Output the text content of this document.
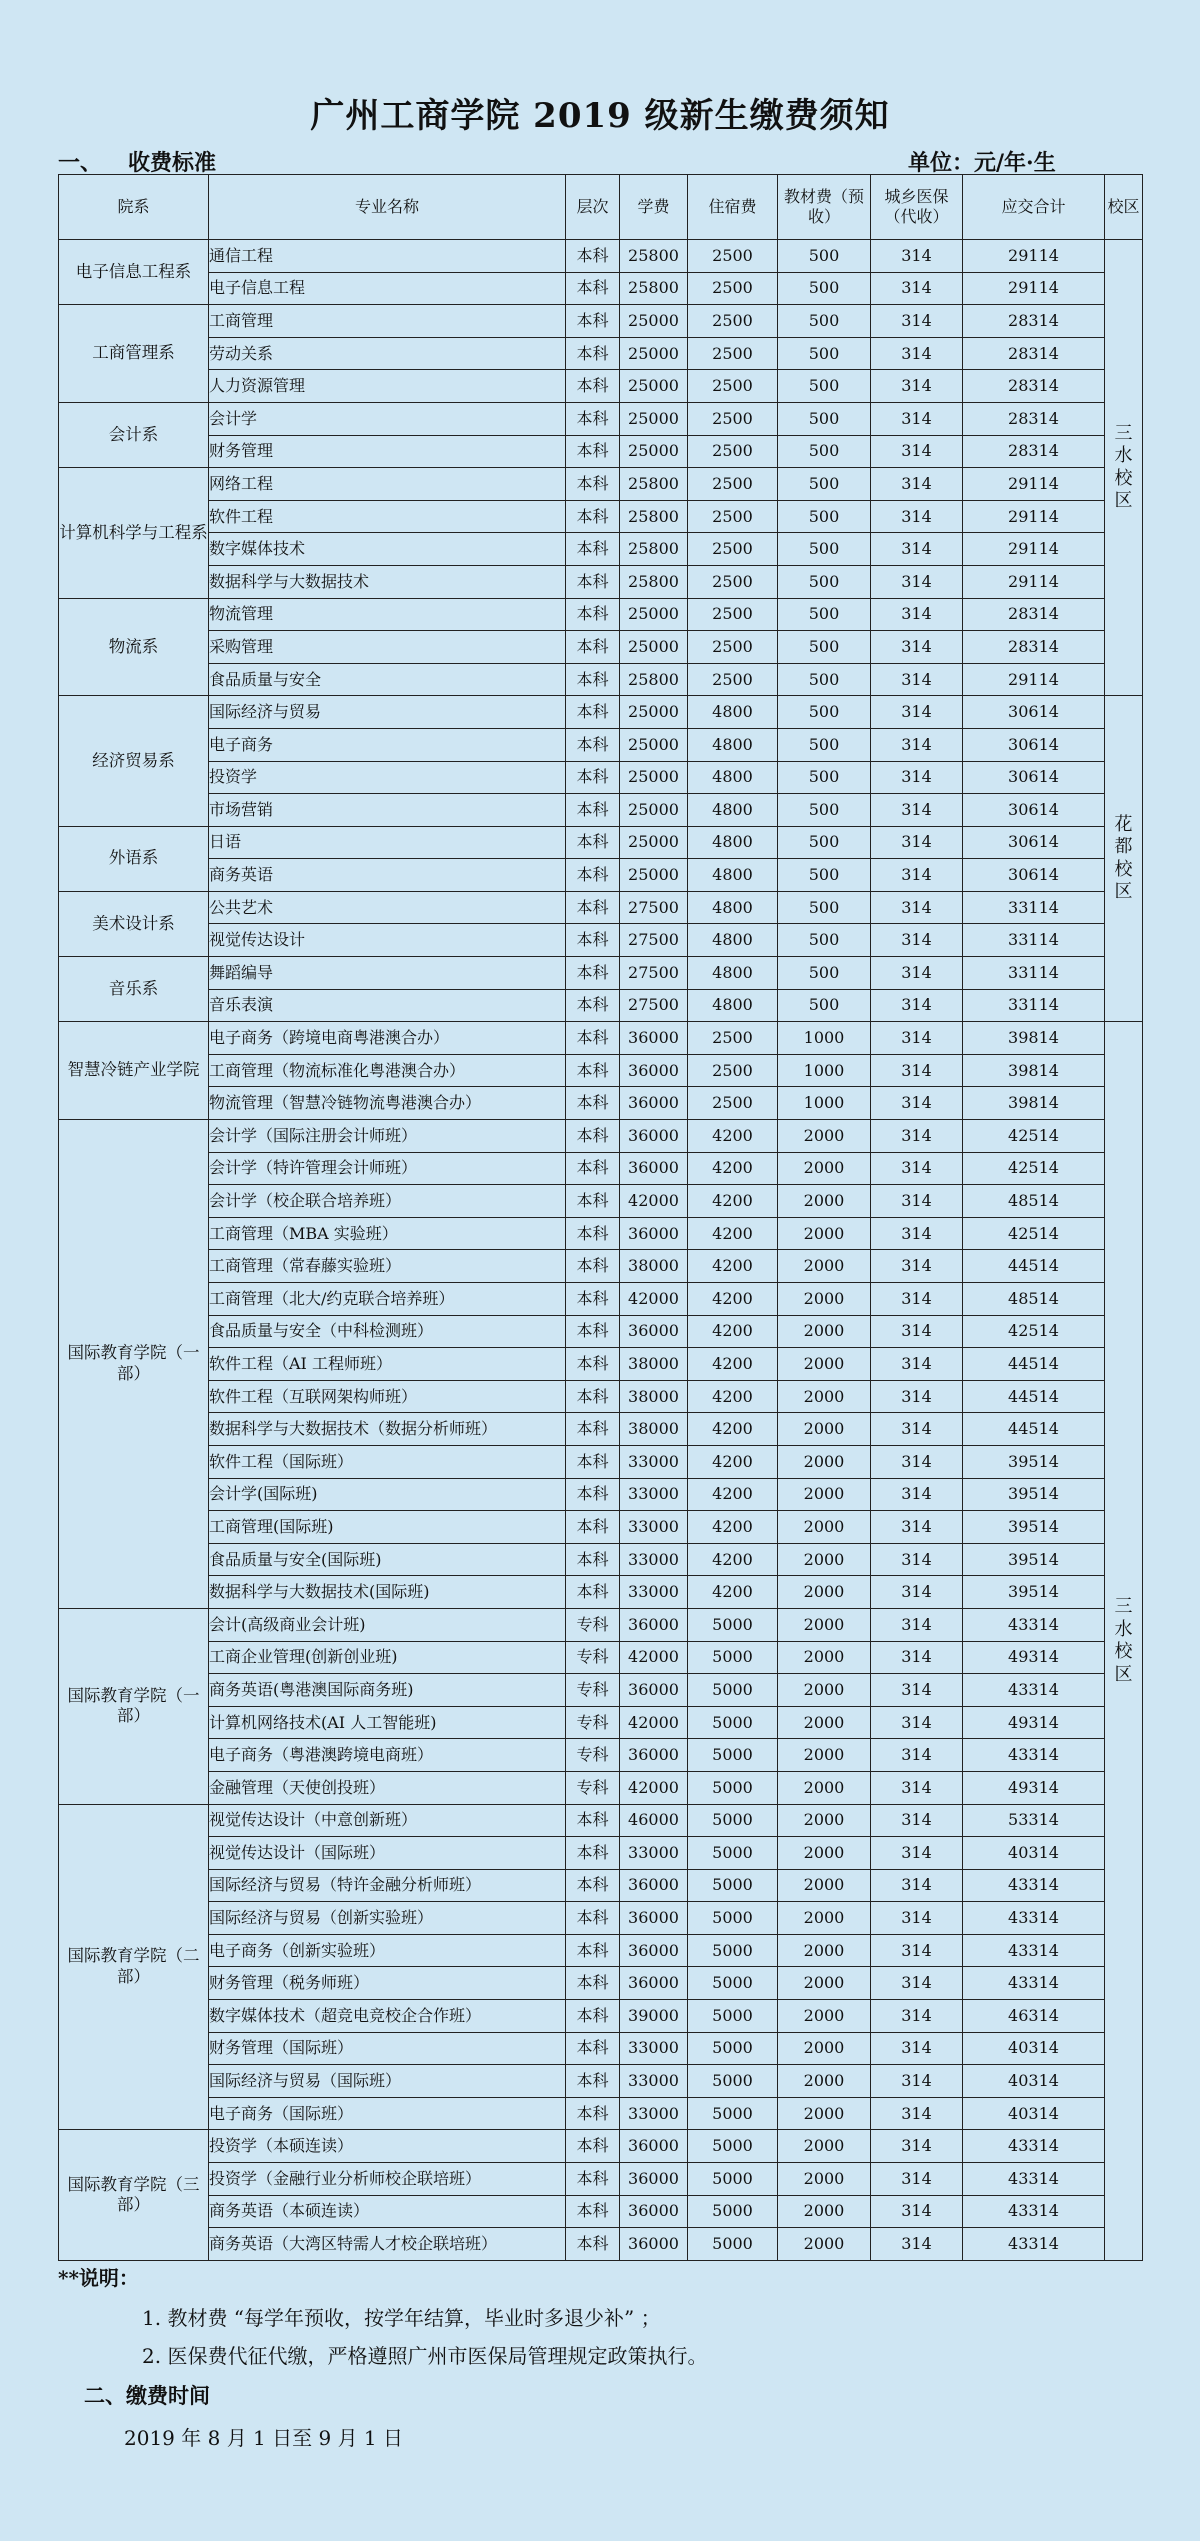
广州工商学院 2019 级新生缴费须知
一、 收费标准	单位：元/年·生
院系	专业名称	层次	学费	住宿费	教材费（预收）	城乡医保（代收）	应交合计	校区
电子信息工程系	通信工程	本科	25800	2500	500	314	29114	三水校区
	电子信息工程	本科	25800	2500	500	314	29114	
工商管理系	工商管理	本科	25000	2500	500	314	28314	
	劳动关系	本科	25000	2500	500	314	28314	
	人力资源管理	本科	25000	2500	500	314	28314	
会计系	会计学	本科	25000	2500	500	314	28314	
	财务管理	本科	25000	2500	500	314	28314	
计算机科学与工程系	网络工程	本科	25800	2500	500	314	29114	
	软件工程	本科	25800	2500	500	314	29114	
	数字媒体技术	本科	25800	2500	500	314	29114	
	数据科学与大数据技术	本科	25800	2500	500	314	29114	
物流系	物流管理	本科	25000	2500	500	314	28314	
	采购管理	本科	25000	2500	500	314	28314	
	食品质量与安全	本科	25800	2500	500	314	29114	
经济贸易系	国际经济与贸易	本科	25000	4800	500	314	30614	花都校区
	电子商务	本科	25000	4800	500	314	30614	
	投资学	本科	25000	4800	500	314	30614	
	市场营销	本科	25000	4800	500	314	30614	
外语系	日语	本科	25000	4800	500	314	30614	
	商务英语	本科	25000	4800	500	314	30614	
美术设计系	公共艺术	本科	27500	4800	500	314	33114	
	视觉传达设计	本科	27500	4800	500	314	33114	
音乐系	舞蹈编导	本科	27500	4800	500	314	33114	
	音乐表演	本科	27500	4800	500	314	33114	
智慧冷链产业学院	电子商务（跨境电商粤港澳合办）	本科	36000	2500	1000	314	39814	三水校区
	工商管理（物流标准化粤港澳合办）	本科	36000	2500	1000	314	39814	
	物流管理（智慧冷链物流粤港澳合办）	本科	36000	2500	1000	314	39814	
国际教育学院（一部）	会计学（国际注册会计师班）	本科	36000	4200	2000	314	42514	
	会计学（特许管理会计师班）	本科	36000	4200	2000	314	42514	
	会计学（校企联合培养班）	本科	42000	4200	2000	314	48514	
	工商管理（MBA 实验班）	本科	36000	4200	2000	314	42514	
	工商管理（常春藤实验班）	本科	38000	4200	2000	314	44514	
	工商管理（北大/约克联合培养班）	本科	42000	4200	2000	314	48514	
	食品质量与安全（中科检测班）	本科	36000	4200	2000	314	42514	
	软件工程（AI 工程师班）	本科	38000	4200	2000	314	44514	
	软件工程（互联网架构师班）	本科	38000	4200	2000	314	44514	
	数据科学与大数据技术（数据分析师班）	本科	38000	4200	2000	314	44514	
	软件工程（国际班）	本科	33000	4200	2000	314	39514	
	会计学(国际班)	本科	33000	4200	2000	314	39514	
	工商管理(国际班)	本科	33000	4200	2000	314	39514	
	食品质量与安全(国际班)	本科	33000	4200	2000	314	39514	
	数据科学与大数据技术(国际班)	本科	33000	4200	2000	314	39514	
国际教育学院（一部）	会计(高级商业会计班)	专科	36000	5000	2000	314	43314	
	工商企业管理(创新创业班)	专科	42000	5000	2000	314	49314	
	商务英语(粤港澳国际商务班)	专科	36000	5000	2000	314	43314	
	计算机网络技术(AI 人工智能班)	专科	42000	5000	2000	314	49314	
	电子商务（粤港澳跨境电商班）	专科	36000	5000	2000	314	43314	
	金融管理（天使创投班）	专科	42000	5000	2000	314	49314	
国际教育学院（二部）	视觉传达设计（中意创新班）	本科	46000	5000	2000	314	53314	
	视觉传达设计（国际班）	本科	33000	5000	2000	314	40314	
	国际经济与贸易（特许金融分析师班）	本科	36000	5000	2000	314	43314	
	国际经济与贸易（创新实验班）	本科	36000	5000	2000	314	43314	
	电子商务（创新实验班）	本科	36000	5000	2000	314	43314	
	财务管理（税务师班）	本科	36000	5000	2000	314	43314	
	数字媒体技术（超竞电竞校企合作班）	本科	39000	5000	2000	314	46314	
	财务管理（国际班）	本科	33000	5000	2000	314	40314	
	国际经济与贸易（国际班）	本科	33000	5000	2000	314	40314	
	电子商务（国际班）	本科	33000	5000	2000	314	40314	
国际教育学院（三部）	投资学（本硕连读）	本科	36000	5000	2000	314	43314	
	投资学（金融行业分析师校企联培班）	本科	36000	5000	2000	314	43314	
	商务英语（本硕连读）	本科	36000	5000	2000	314	43314	
	商务英语（大湾区特需人才校企联培班）	本科	36000	5000	2000	314	43314	
**说明：
1. 教材费 “每学年预收，按学年结算，毕业时多退少补” ；
2. 医保费代征代缴，严格遵照广州市医保局管理规定政策执行。
二、缴费时间
2019 年 8 月 1 日至 9 月 1 日
